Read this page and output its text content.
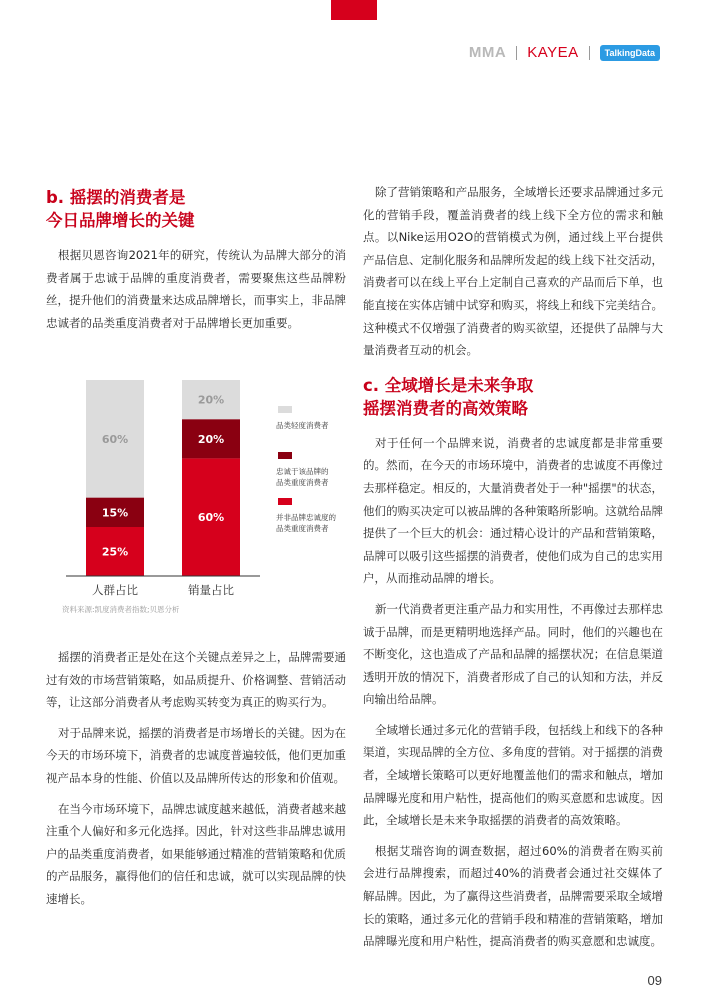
MMA KAYEA	TalkingData
b. 摇摆的消费者是
今日品牌增长的关键

根据贝恩咨询2021年的研究，传统认为品牌大部分的消费者属于忠诚于品牌的重度消费者，需要聚焦这些品牌粉丝，提升他们的消费量来达成品牌增长，而事实上，非品牌忠诚者的品类重度消费者对于品牌增长更加重要。

25%
15%
60%
人群占比
60%
20%
20%
销量占比
品类轻度消费者
忠诚于该品牌的
品类重度消费者
并非品牌忠诚度的
品类重度消费者
资料来源:凯度消费者指数;贝恩分析

摇摆的消费者正是处在这个关键点差异之上，品牌需要通过有效的市场营销策略，如品质提升、价格调整、营销活动等，让这部分消费者从考虑购买转变为真正的购买行为。

对于品牌来说，摇摆的消费者是市场增长的关键。因为在今天的市场环境下，消费者的忠诚度普遍较低，他们更加重视产品本身的性能、价值以及品牌所传达的形象和价值观。

在当今市场环境下，品牌忠诚度越来越低，消费者越来越注重个人偏好和多元化选择。因此，针对这些非品牌忠诚用户的品类重度消费者，如果能够通过精准的营销策略和优质的产品服务，赢得他们的信任和忠诚，就可以实现品牌的快速增长。

除了营销策略和产品服务，全域增长还要求品牌通过多元化的营销手段，覆盖消费者的线上线下全方位的需求和触点。以Nike运用O2O的营销模式为例，通过线上平台提供产品信息、定制化服务和品牌所发起的线上线下社交活动，消费者可以在线上平台上定制自己喜欢的产品而后下单，也能直接在实体店铺中试穿和购买，将线上和线下完美结合。这种模式不仅增强了消费者的购买欲望，还提供了品牌与大量消费者互动的机会。

c. 全域增长是未来争取
摇摆消费者的高效策略

对于任何一个品牌来说，消费者的忠诚度都是非常重要的。然而，在今天的市场环境中，消费者的忠诚度不再像过去那样稳定。相反的，大量消费者处于一种"摇摆"的状态，他们的购买决定可以被品牌的各种策略所影响。这就给品牌提供了一个巨大的机会：通过精心设计的产品和营销策略，品牌可以吸引这些摇摆的消费者，使他们成为自己的忠实用户，从而推动品牌的增长。

新一代消费者更注重产品力和实用性，不再像过去那样忠诚于品牌，而是更精明地选择产品。同时，他们的兴趣也在不断变化，这也造成了产品和品牌的摇摆状况；在信息渠道透明开放的情况下，消费者形成了自己的认知和方法，并反向输出给品牌。

全域增长通过多元化的营销手段，包括线上和线下的各种渠道，实现品牌的全方位、多角度的营销。对于摇摆的消费者，全域增长策略可以更好地覆盖他们的需求和触点，增加品牌曝光度和用户粘性，提高他们的购买意愿和忠诚度。因此，全域增长是未来争取摇摆的消费者的高效策略。

根据艾瑞咨询的调查数据，超过60%的消费者在购买前会进行品牌搜索，而超过40%的消费者会通过社交媒体了解品牌。因此，为了赢得这些消费者，品牌需要采取全域增长的策略，通过多元化的营销手段和精准的营销策略，增加品牌曝光度和用户粘性，提高消费者的购买意愿和忠诚度。

09
